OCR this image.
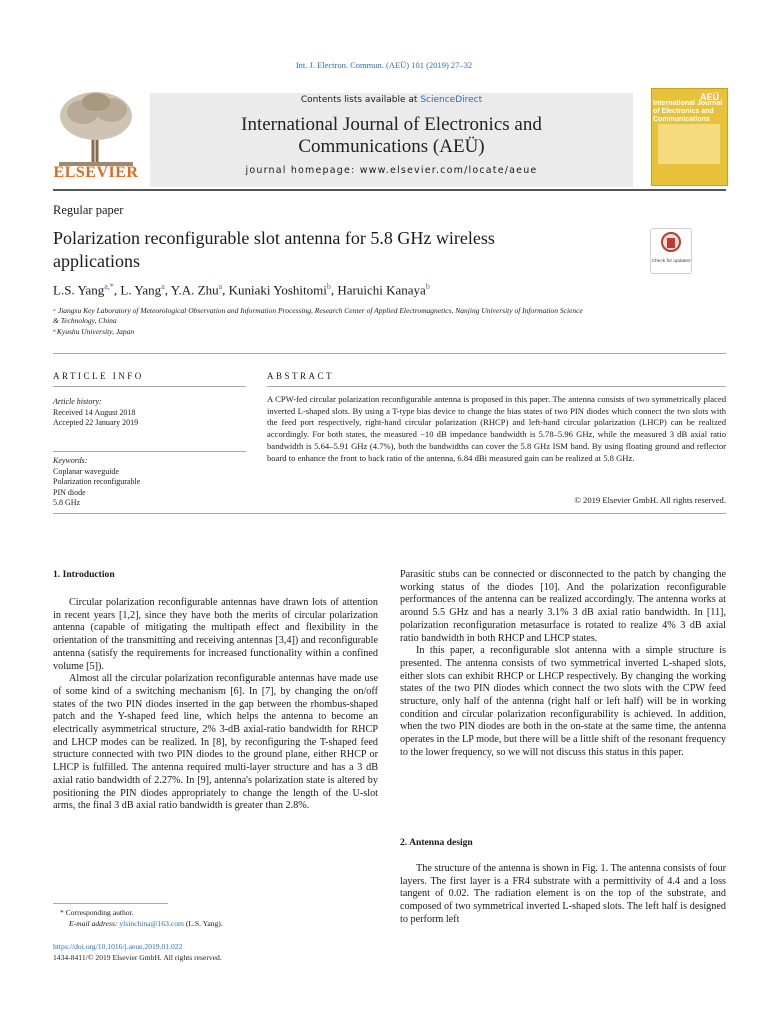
Int. J. Electron. Commun. (AEÜ) 101 (2019) 27–32
ELSEVIER
Contents lists available at ScienceDirect
International Journal of Electronics and
Communications (AEÜ)
journal homepage: www.elsevier.com/locate/aeue
AEÜ
International Journal of Electronics and Communications
Regular paper
Polarization reconfigurable slot antenna for 5.8 GHz wireless
applications	Check for updates
L.S. Yang$^{a,*}$, L. Yang$^a$, Y.A. Zhu$^a$, Kuniaki Yoshitomi$^b$, Haruichi Kanaya$^b$
ᵃ Jiangsu Key Laboratory of Meteorological Observation and Information Processing, Research Center of Applied Electromagnetics, Nanjing University of Information Science
& Technology, China
ᵇ Kyushu University, Japan
ARTICLE INFO
Article history:
Received 14 August 2018
Accepted 22 January 2019
Keywords:
Coplanar waveguide
Polarization reconfigurable
PIN diode
5.8 GHz
ABSTRACT
A CPW-fed circular polarization reconfigurable antenna is proposed in this paper. The antenna consists of two symmetrically placed inverted L-shaped slots. By using a T-type bias device to change the bias states of two PIN diodes which connect the two slots with the feed port respectively, right-hand circular polarization (RHCP) and left-hand circular polarization (LHCP) can be realized accordingly. For both states, the measured −10 dB impedance bandwidth is 5.78–5.96 GHz, while the measured 3 dB axial ratio bandwidth is 5.64–5.91 GHz (4.7%), both the bandwidths can cover the 5.8 GHz ISM band. By using floating ground and reflector board to enhance the front to back ratio of the antenna, 6.84 dBi measured gain can be realized at 5.8 GHz.
© 2019 Elsevier GmbH. All rights reserved.
1. Introduction

Circular polarization reconfigurable antennas have drawn lots of attention in recent years [1,2], since they have both the merits of circular polarization antenna (capable of mitigating the multipath effect and flexibility in the orientation of the transmitting and receiving antennas [3,4]) and reconfigurable antenna (satisfy the requirements for increased functionality within a confined volume [5]).

Almost all the circular polarization reconfigurable antennas have made use of some kind of a switching mechanism [6]. In [7], by changing the on/off states of the two PIN diodes inserted in the gap between the rhombus-shaped patch and the Y-shaped feed line, which helps the antenna to become an electrically asymmetrical structure, 2% 3-dB axial-ratio bandwidth for RHCP and LHCP modes can be realized. In [8], by reconfiguring the T-shaped feed structure connected with two PIN diodes to the ground plane, either RHCP or LHCP is fulfilled. The antenna required multi-layer structure and has a 3 dB axial ratio bandwidth of 2.27%. In [9], antenna's polarization state is altered by positioning the PIN diodes appropriately to change the length of the U-slot arms, the final 3 dB axial ratio bandwidth is greater than 2.8%.

Parasitic stubs can be connected or disconnected to the patch by changing the working status of the diodes [10]. And the polarization reconfigurable performances of the antenna can be realized accordingly. The antenna works at around 5.5 GHz and has a nearly 3.1% 3 dB axial ratio bandwidth. In [11], polarization reconfiguration metasurface is rotated to realize 4% 3 dB axial ratio bandwidth in both RHCP and LHCP states.

In this paper, a reconfigurable slot antenna with a simple structure is presented. The antenna consists of two symmetrical inverted L-shaped slots, either slots can exhibit RHCP or LHCP respectively. By changing the working states of the two PIN diodes which connect the two slots with the CPW feed structure, only half of the antenna (right half or left half) will be in working condition and circular polarization reconfigurability is achieved. In addition, when the two PIN diodes are both in the on-state at the same time, the antenna operates in the LP mode, but there will be a little shift of the resonant frequency to the lower frequency, so we will not discuss this status in this paper.

2. Antenna design

The structure of the antenna is shown in Fig. 1. The antenna consists of four layers. The first layer is a FR4 substrate with a permittivity of 4.4 and a loss tangent of 0.02. The radiation element is on the top of the substrate, and composed of two symmetrical inverted L-shaped slots. The left half is designed to perform left

* Corresponding author.
E-mail address: ylsinchina@163.com (L.S. Yang).
https://doi.org/10.1016/j.aeue.2019.01.022
1434-8411/© 2019 Elsevier GmbH. All rights reserved.
